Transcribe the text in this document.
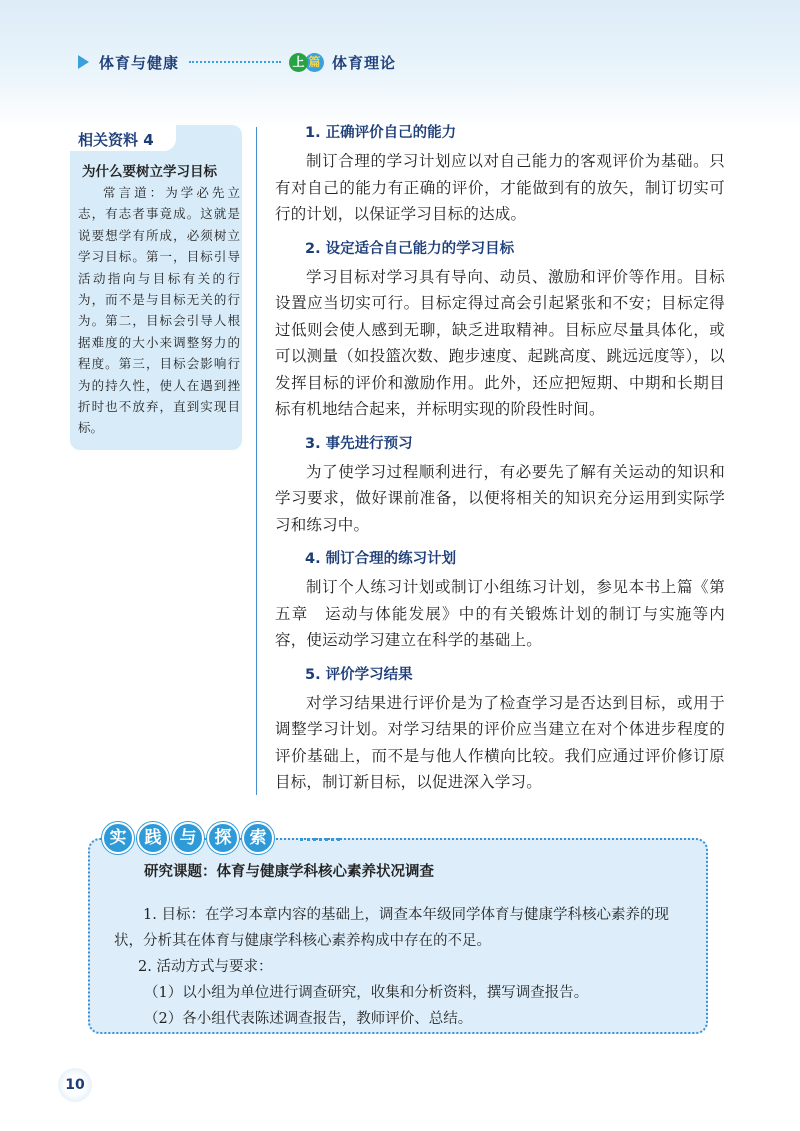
体育与健康	上 篇 体育理论
相关资料 4
为什么要树立学习目标
常言道：为学必先立志，有志者事竟成。这就是说要想学有所成，必须树立学习目标。第一，目标引导活动指向与目标有关的行为，而不是与目标无关的行为。第二，目标会引导人根据难度的大小来调整努力的程度。第三，目标会影响行为的持久性，使人在遇到挫折时也不放弃，直到实现目标。
1. 正确评价自己的能力
制订合理的学习计划应以对自己能力的客观评价为基础。只有对自己的能力有正确的评价，才能做到有的放矢，制订切实可行的计划，以保证学习目标的达成。
2. 设定适合自己能力的学习目标
学习目标对学习具有导向、动员、激励和评价等作用。目标设置应当切实可行。目标定得过高会引起紧张和不安；目标定得过低则会使人感到无聊，缺乏进取精神。目标应尽量具体化，或可以测量（如投篮次数、跑步速度、起跳高度、跳远远度等），以发挥目标的评价和激励作用。此外，还应把短期、中期和长期目标有机地结合起来，并标明实现的阶段性时间。
3. 事先进行预习
为了使学习过程顺利进行，有必要先了解有关运动的知识和学习要求，做好课前准备，以便将相关的知识充分运用到实际学习和练习中。
4. 制订合理的练习计划
制订个人练习计划或制订小组练习计划，参见本书上篇《第五章　运动与体能发展》中的有关锻炼计划的制订与实施等内容，使运动学习建立在科学的基础上。
5. 评价学习结果
对学习结果进行评价是为了检查学习是否达到目标，或用于调整学习计划。对学习结果的评价应当建立在对个体进步程度的评价基础上，而不是与他人作横向比较。我们应通过评价修订原目标，制订新目标，以促进深入学习。
实	践	与	探	索
研究课题：体育与健康学科核心素养状况调查
1. 目标：在学习本章内容的基础上，调查本年级同学体育与健康学科核心素养的现状，分析其在体育与健康学科核心素养构成中存在的不足。
2. 活动方式与要求：
（1）以小组为单位进行调查研究，收集和分析资料，撰写调查报告。
（2）各小组代表陈述调查报告，教师评价、总结。
10
